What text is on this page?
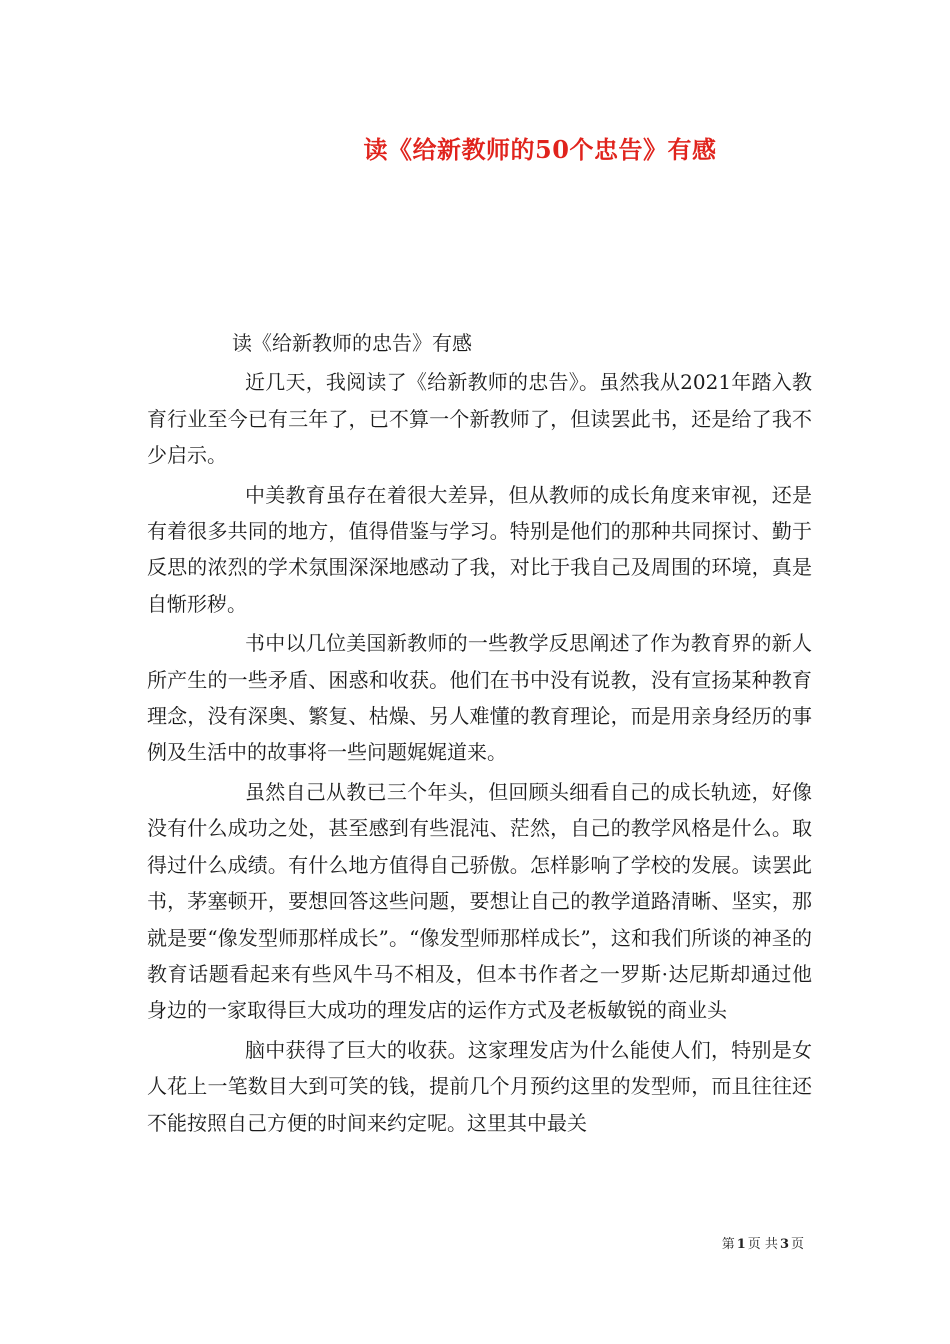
读《给新教师的50个忠告》有感

读《给新教师的忠告》有感

近几天，我阅读了《给新教师的忠告》。虽然我从2021年踏入教育行业至今已有三年了，已不算一个新教师了，但读罢此书，还是给了我不少启示。

中美教育虽存在着很大差异，但从教师的成长角度来审视，还是有着很多共同的地方，值得借鉴与学习。特别是他们的那种共同探讨、勤于反思的浓烈的学术氛围深深地感动了我，对比于我自己及周围的环境，真是自惭形秽。

书中以几位美国新教师的一些教学反思阐述了作为教育界的新人所产生的一些矛盾、困惑和收获。他们在书中没有说教，没有宣扬某种教育理念，没有深奥、繁复、枯燥、另人难懂的教育理论，而是用亲身经历的事例及生活中的故事将一些问题娓娓道来。

虽然自己从教已三个年头，但回顾头细看自己的成长轨迹，好像没有什么成功之处，甚至感到有些混沌、茫然，自己的教学风格是什么。取得过什么成绩。有什么地方值得自己骄傲。怎样影响了学校的发展。读罢此书，茅塞顿开，要想回答这些问题，要想让自己的教学道路清晰、坚实，那就是要“像发型师那样成长”。“像发型师那样成长”，这和我们所谈的神圣的教育话题看起来有些风牛马不相及，但本书作者之一罗斯·达尼斯却通过他身边的一家取得巨大成功的理发店的运作方式及老板敏锐的商业头

脑中获得了巨大的收获。这家理发店为什么能使人们，特别是女人花上一笔数目大到可笑的钱，提前几个月预约这里的发型师，而且往往还不能按照自己方便的时间来约定呢。这里其中最关

第 1 页 共 3 页
